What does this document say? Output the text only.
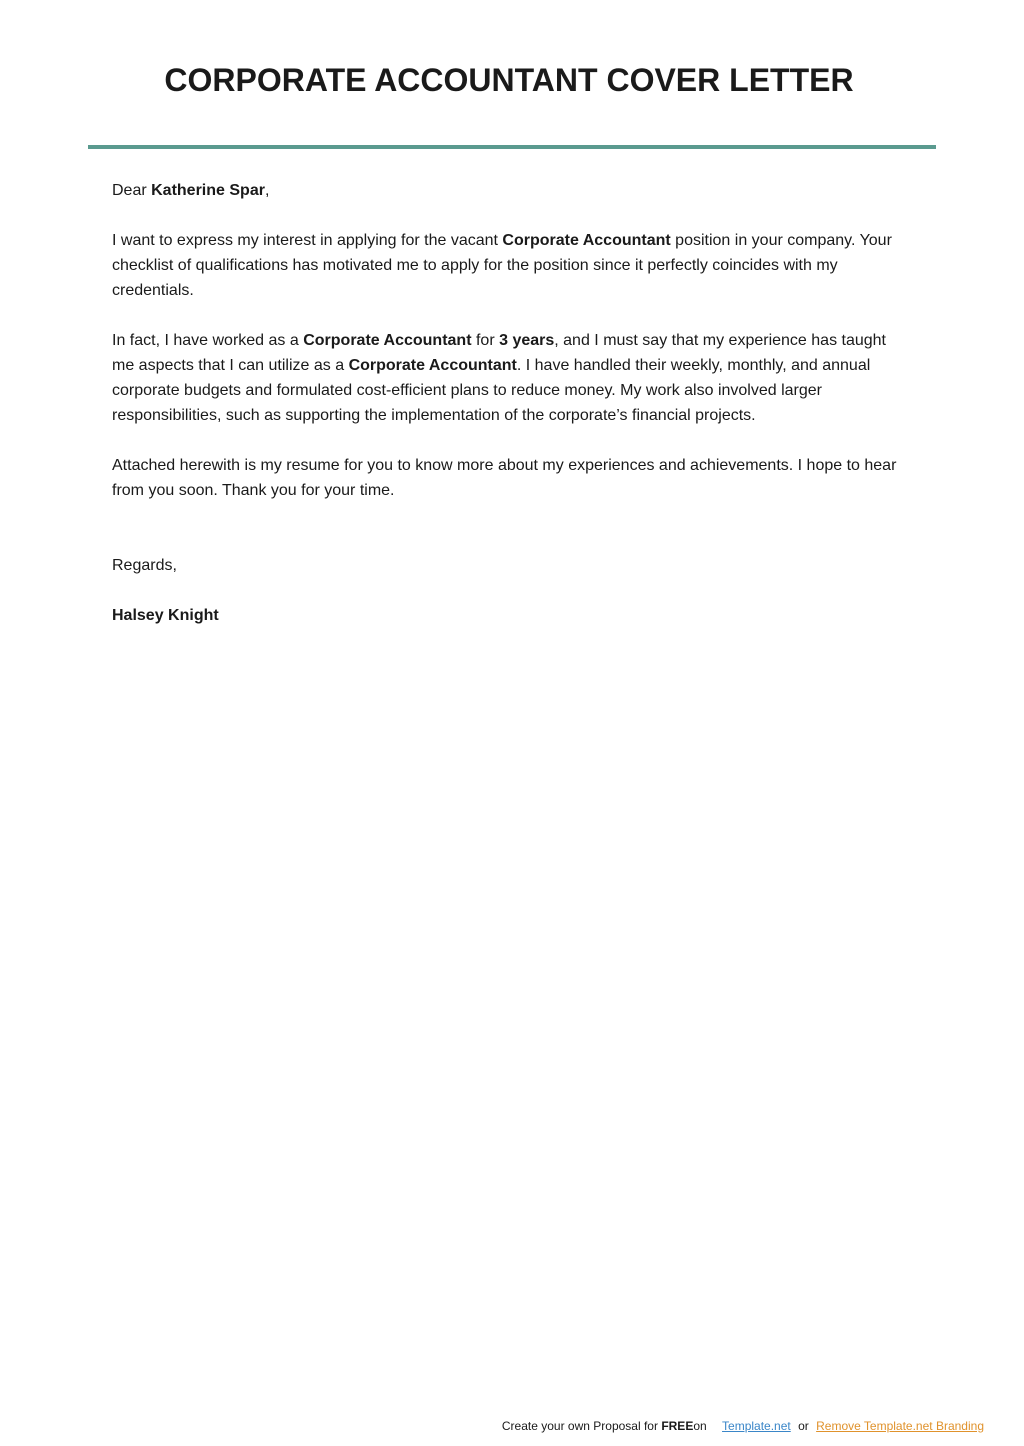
CORPORATE ACCOUNTANT COVER LETTER

Dear Katherine Spar,

I want to express my interest in applying for the vacant Corporate Accountant position in your company. Your checklist of qualifications has motivated me to apply for the position since it perfectly coincides with my credentials.

In fact, I have worked as a Corporate Accountant for 3 years, and I must say that my experience has taught me aspects that I can utilize as a Corporate Accountant. I have handled their weekly, monthly, and annual corporate budgets and formulated cost-efficient plans to reduce money. My work also involved larger responsibilities, such as supporting the implementation of the corporate’s financial projects.

Attached herewith is my resume for you to know more about my experiences and achievements. I hope to hear from you soon. Thank you for your time.

Regards,

Halsey Knight

Create your own Proposal for FREEon Template.net or Remove Template.net Branding
